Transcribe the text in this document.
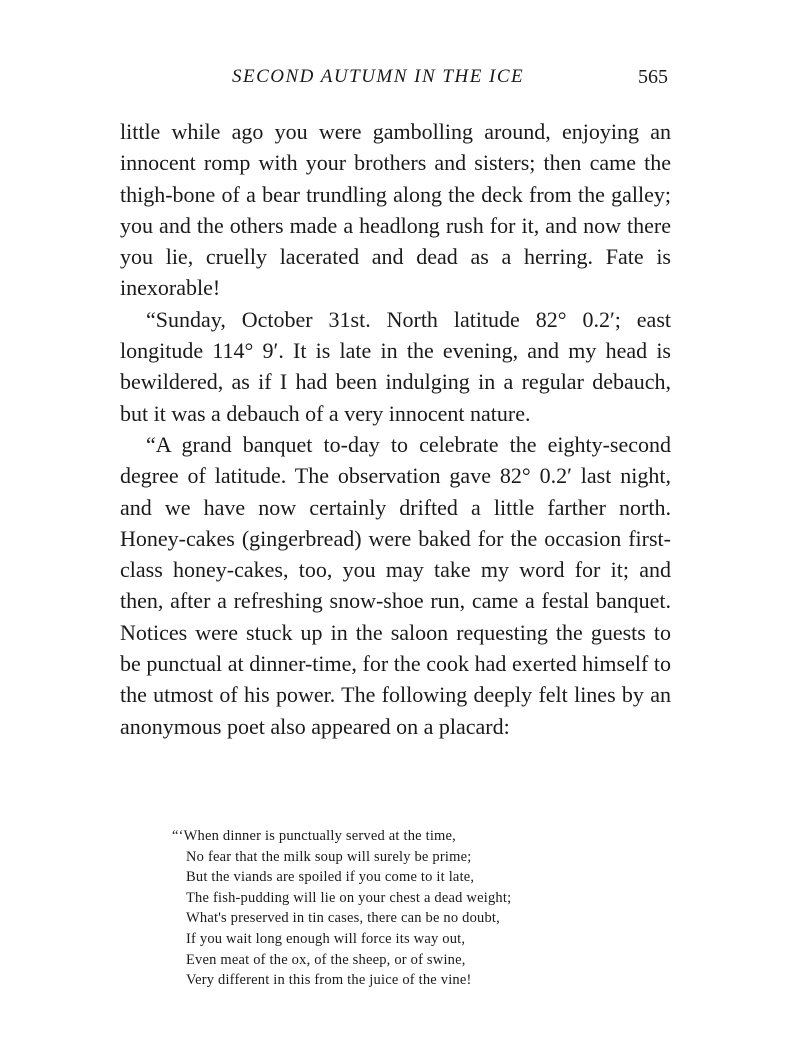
SECOND AUTUMN IN THE ICE	565

little while ago you were gambolling around, enjoying an innocent romp with your brothers and sisters; then came the thigh-bone of a bear trundling along the deck from the galley; you and the others made a headlong rush for it, and now there you lie, cruelly lacerated and dead as a herring. Fate is inexorable!

“Sunday, October 31st. North latitude 82° 0.2′; east longitude 114° 9′. It is late in the evening, and my head is bewildered, as if I had been indulging in a regular debauch, but it was a debauch of a very innocent nature.

“A grand banquet to-day to celebrate the eighty-second degree of latitude. The observation gave 82° 0.2′ last night, and we have now certainly drifted a little farther north. Honey-cakes (gingerbread) were baked for the occasion first-class honey-cakes, too, you may take my word for it; and then, after a refreshing snow-shoe run, came a festal banquet. Notices were stuck up in the saloon requesting the guests to be punctual at dinner-time, for the cook had exerted himself to the utmost of his power. The following deeply felt lines by an anonymous poet also appeared on a placard:

“‘When dinner is punctually served at the time,
No fear that the milk soup will surely be prime;
But the viands are spoiled if you come to it late,
The fish-pudding will lie on your chest a dead weight;
What's preserved in tin cases, there can be no doubt,
If you wait long enough will force its way out,
Even meat of the ox, of the sheep, or of swine,
Very different in this from the juice of the vine!
